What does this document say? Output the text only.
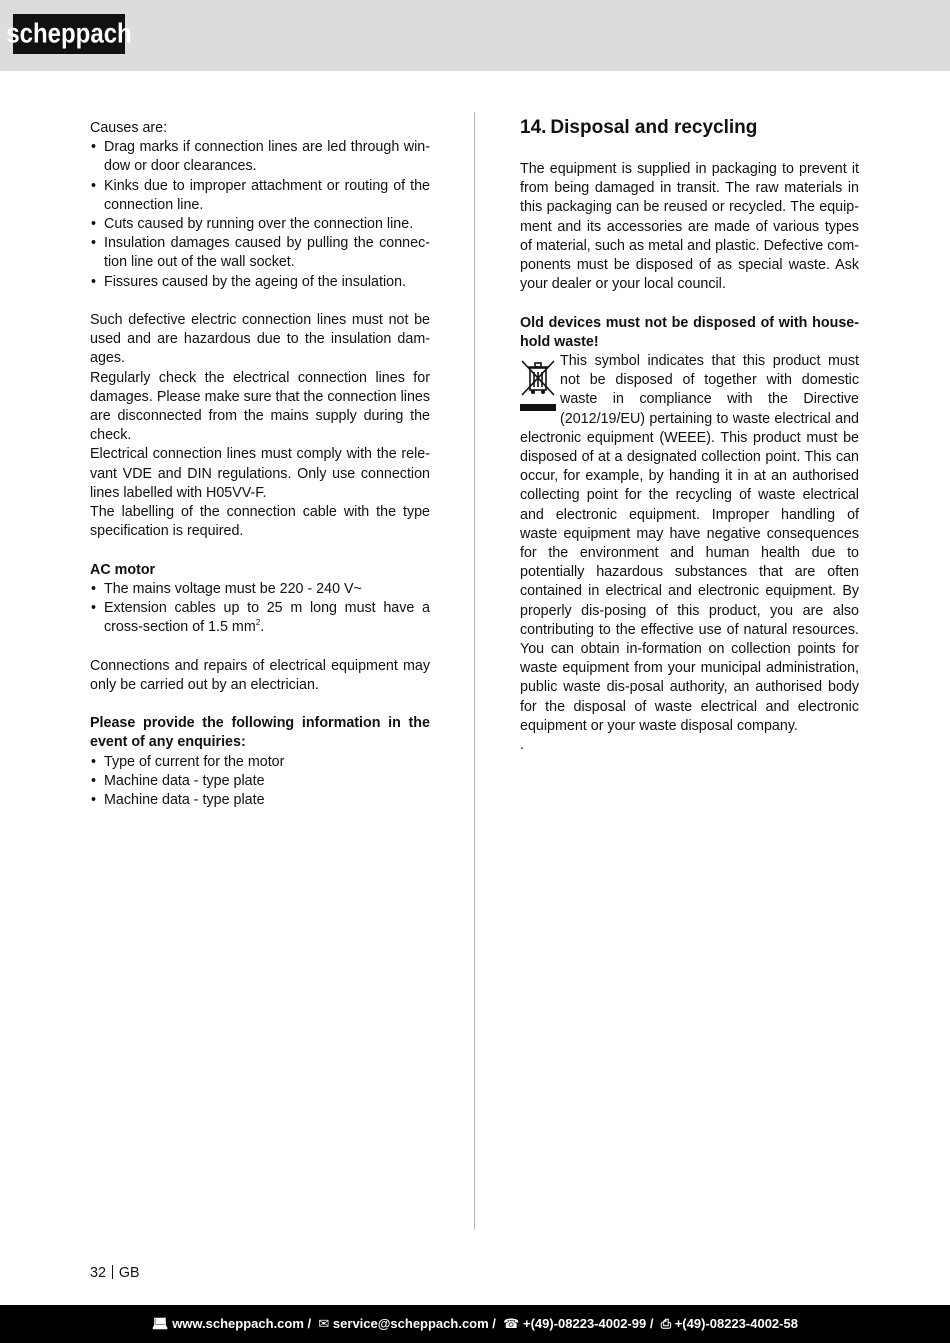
scheppach

Causes are:

• Drag marks if connection lines are led through win-dow or door clearances.
• Kinks due to improper attachment or routing of the connection line.
• Cuts caused by running over the connection line.
• Insulation damages caused by pulling the connec-tion line out of the wall socket.
• Fissures caused by the ageing of the insulation.

Such defective electric connection lines must not be used and are hazardous due to the insulation dam-ages.

Regularly check the electrical connection lines for damages. Please make sure that the connection lines are disconnected from the mains supply during the check.

Electrical connection lines must comply with the rele-vant VDE and DIN regulations. Only use connection lines labelled with H05VV-F.

The labelling of the connection cable with the type specification is required.

AC motor

• The mains voltage must be 220 - 240 V~
• Extension cables up to 25 m long must have a cross-section of 1.5 $mm^2$.

Connections and repairs of electrical equipment may only be carried out by an electrician.

Please provide the following information in the event of any enquiries:

• Type of current for the motor
• Machine data - type plate
• Machine data - type plate
14. Disposal and recycling

The equipment is supplied in packaging to prevent it from being damaged in transit. The raw materials in this packaging can be reused or recycled. The equip-ment and its accessories are made of various types of material, such as metal and plastic. Defective com-ponents must be disposed of as special waste. Ask your dealer or your local council.

Old devices must not be disposed of with house-hold waste!

This symbol indicates that this product must not be disposed of together with domestic waste in compliance with the Directive (2012/19/EU) pertaining to waste electrical and electronic equipment (WEEE). This product must be disposed of at a designated collection point. This can occur, for example, by handing it in at an authorised collecting point for the recycling of waste electrical and electronic equipment. Improper handling of waste equipment may have negative consequences for the environment and human health due to potentially hazardous substances that are often contained in electrical and electronic equipment. By properly dis-posing of this product, you are also contributing to the effective use of natural resources. You can obtain in-formation on collection points for waste equipment from your municipal administration, public waste dis-posal authority, an authorised body for the disposal of waste electrical and electronic equipment or your waste disposal company.

.

32 GB
💻︎ www.scheppach.com /  ✉︎ service@scheppach.com /  ☎︎ +(49)-08223-4002-99 /  ⎙︎ +(49)-08223-4002-58
